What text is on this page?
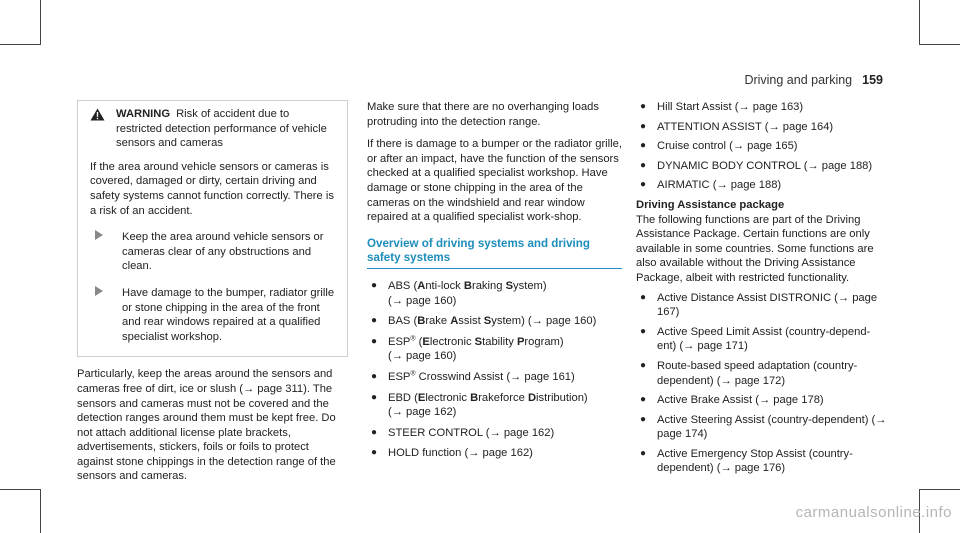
Driving and parking 159
WARNING Risk of accident due to restricted detection performance of vehicle sensors and cameras

If the area around vehicle sensors or cameras is covered, damaged or dirty, certain driving and safety systems cannot function correctly. There is a risk of an accident.

Keep the area around vehicle sensors or cameras clear of any obstructions and clean.
Have damage to the bumper, radiator grille or stone chipping in the area of the front and rear windows repaired at a qualified specialist workshop.

Particularly, keep the areas around the sensors and cameras free of dirt, ice or slush (→ page 311). The sensors and cameras must not be covered and the detection ranges around them must be kept free. Do not attach additional license plate brackets, advertisements, stickers, foils or foils to protect against stone chippings in the detection range of the sensors and cameras.

Make sure that there are no overhanging loads protruding into the detection range.

If there is damage to a bumper or the radiator grille, or after an impact, have the function of the sensors checked at a qualified specialist workshop. Have damage or stone chipping in the area of the cameras on the windshield and rear window repaired at a qualified specialist work-shop.

Overview of driving systems and driving safety systems
● ABS (Anti-lock Braking System)
(→ page 160)
● BAS (Brake Assist System) (→ page 160)
● ESP® (Electronic Stability Program)
(→ page 160)
● ESP® Crosswind Assist (→ page 161)
● EBD (Electronic Brakeforce Distribution)
(→ page 162)
● STEER CONTROL (→ page 162)
● HOLD function (→ page 162)
● Hill Start Assist (→ page 163)
● ATTENTION ASSIST (→ page 164)
● Cruise control (→ page 165)
● DYNAMIC BODY CONTROL (→ page 188)
● AIRMATIC (→ page 188)
Driving Assistance package

The following functions are part of the Driving Assistance Package. Certain functions are only available in some countries. Some functions are also available without the Driving Assistance Package, albeit with restricted functionality.

● Active Distance Assist DISTRONIC (→ page 167)
● Active Speed Limit Assist (country-depend-ent) (→ page 171)
● Route-based speed adaptation (country-dependent) (→ page 172)
● Active Brake Assist (→ page 178)
● Active Steering Assist (country-dependent) (→ page 174)
● Active Emergency Stop Assist (country-dependent) (→ page 176)
carmanualsonline.info
